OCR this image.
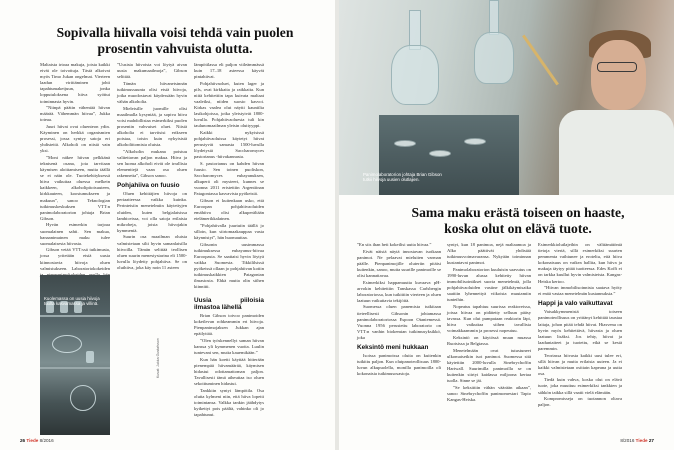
Sopivalla hiivalla voisi tehdä vain puolen prosentin vahvuista oluttа.

Maltaista irtoaa makuja, joista kaikki eivät ole toivottuja. Tästä alkoivat myös Timo Jukan ongelmat. Vierteen laadun virittäminen johti tapahtumaketjuun, jonka lopputuloksena hiiva syöttui toiminnasta hyvin.

”Niinpä päätin vähentää hiivan määrää. Vähemmän hiivaa”, Jukka toteaa.

Juuri hiivat ovat oluenteon ydin. Käyminen on herkkä organismien prosessi, jossa syntyy satoja eri yhdisteitä. Alkoholi on niistä vain yksi.

”Moni näkee hiivan pelkkänä teknisenä osana, jota tarvitaan käymisen aloittamiseen, mutta täällä se ei näin ole. Tuotekehityksessä hiiva vaikuttaa oluessa melkein kaikkeen, alkoholipitoisuuteen, kirkkauteen, koostumukseen ja makuun”, sanoo Teknologian tutkimuskeskuksen VTT:n panimolaboratorion johtaja Brian Gibson.

Hyvän esimerkin tarjoaa suomalainen sahti. Sen makua, banaanimainen maku tulee suomalaisesta hiivasta.

Gibson vetää VTT:ssä tutkimusta, jossa yritetään etsiä uusia kiinnostavia hiivoja oluen valmistukseen. Laboratoriokokeiden

”Uusista hiivoista voi löytyä aivan uusia makumaailmoja”, Gibson selittää.

Tämän hiivanetsinnän tutkimussuunta olisi etsiä hiivoja, jotka muodostavat käydessään hyvin vähän alkoholia.

Mieleisille juomille olisi maailmalla kysyntää, ja sopiva hiiva voisi mahdollistaa esimerkiksi puolen prosentin vahvuiset oluet. Niistä alkoholia ei tarvitsisi erikseen poistaa, toisin kuin nykyisistä alkoholittomista oluista.

”Alkoholin mukana poistuu valitettavan paljon makua. Hiiva ja sen luoma alkoholi eivät ole irrallisia elementtejä vaan osa oluen rakennetta”, Gibson sanoo.

Pohjahiiva on fuusio

Oluen kehittäjien hiivoja on periaatteessa vaikka kuinka. Perinteisiin menetelmiin käytettyjen oluiden, kuten belgialaisissa lambiceissa, voi olla satoja erilaisia mikrobeja, joista hiivojakin kymmeniä.

Suurin osa maailman oluista valmistetaan silti hyvin samanlaisilla hiivoilla. Tämän selittää teollisen oluen suurin menestystarina eli 1500-luvulla löydetty pohjahiiva. Se on oluthiiva, joka käy noin 11 asteen

lämpötilassa eli paljon viileämmässä kuin 17–18 asteessa käyvät pintahiivat.

Pohjahiivaoluet, kuten lager ja pils, ovat kirkkaita ja raikkaita. Kun niitä kehitettiin tapa kuivata maltaat vaaleiksi, niiden suosio kasvoi. Kirkas vaalea olut näytti kauniilta lasikohjoissa, jotka yleistyivät 1800-luvulla. Pohjahiivaoluesta tuli kin taulunomaailman yleisin oluttyyppi.

Kaikki nykyisissä pohjahiivaoluissa käytetyt hiivat perustyvät samasta 1500-luvulla löydetystä Saccharomyces pastorianus -hiivakannasta.

S. pastorianus on kahden hiivan fuusio. Sen toinen puoliskon, Saccharomyces eubayanuksen, alkuperä oli mysteeri, kunnes se vuonna 2011 eristettiin Argentiinan Patagoniassa kasvavista pyökeistä.

Gibson ei kuitenkaan usko, että Euroopan pohjahiivaoluiden emähiiva olisi alkuperältään etelämerikkalainen.

”Pohjahiivalla juurtuiin täällä jo silloin, kun siirtomaakauppaa vasta käynnistyi”, hän huomauttaa.

Gibsonin uusimmassa tutkimuksessa eubayanus-hiivaa Euroopasta. Se saattaisi hyvin löytyä vaikka Suomesta. Tikkililsissä pyökeissä ollaan jo pohjahiivan kotiin tutkimuskaikkien Patagonian ilmastosta. Ehkä mutta olin siihen kiinnitti.

Uusia piiloisia ilmastoa lähellä

Brian Gibson toivoo panimoiden kokeilevan rohkeammin eri hiivoja. Pienpanimojaksen Jukkan ajan epäilyttää.

”Olen työskennellyt saman hiivan kanssa yli kymmenen vuotta. Luulin tuntevani sen, mutta kauemikään.”

Kun hän koetti käyttää hitterään pienempää hiivamäärää, käymisen hidastui odottamattoman paljon. Tavallisesti tämä aiheuttaa iso oluen sekoittuminen hidastui.

Tankkiin syntyi lämpötila. Osa olutta kylmeni niin, että hiiva lopetti toimintansa. Valkka tankin jäähdytys kytkettyi pois päältä, vahinko oli jo tapahtunut.

Kuolemassa on uusia hiivoja tuolta kasvamassa ja villinä.
Kuvat: Jukka Gustafsson
Panimolaboratorion johtaja Brian Gibson tutkii hiivoja uusien olutlajien.
Sama maku erästä toiseen on haaste, koska olut on elävä tuote.

”En siis ihan heti kokeilisi uutta hiivaa.”

Eivät näistä näytä innostavan isotkaan panimot. Ne pelaavat mieluiten varman päälle. Pienpanimojille oluteriin pitäisi kuitenkin, sanoo, mutta suurille panimoille se olisi kannattavaa.

Esimerkiksi happamuutta kuvaava pH-arvokin kehitettiin Tanskassa Carlsbergin laboratoriossa, kun tutkittiin vierteen ja oluen laatuun vaikuttavia tekijöitä.

Suomessa oluen panemista tutkitaan tieteellisesti Gibsonin johtamassa panimolaboratoriossa Espoon Otaniemessä. Vuonna 1956 perustettu laboratorio on VTT:n vanhin biokemian tutkimusyksikkö, joka

Keksintö meni hukkaan

Isoissa panimoissa oluita on kuitenkin tutkittu paljon. Kun olutpanoteollisuus 1800-luvun alkupuolella, monilla panimoilla oli kokonaisia tutkimusosastoja.

syntyi, kun 18 panimoa, nejä maltaamoa ja Alko päättivät yhdistää tutkimusvoimavaransa. Nykyään toiminnan kustantavat panimot.

Panimolaboratorion kuuluisin saavutus on 1990-luvun alussa kehitetty hiivan immobilisointikset suoria menetelmiä, jolla pohjahiivaoluiden vastine jälkikäymisaika saattiin lyhennettyä viikoista muutamiin tunteihin.

Nopeatus tapahtuu suurissa reaktoreissa, joissa hiivaa on pidätetty selluun pääsy tavassa. Kun olut pumpataan reaktorin läpi, hiiva vaikuttaa siihen tavallista voimakkaammin ja prosessi nopeutuu.

Keksintö on käytössä muun muassa Ruotsissa ja Belgiassa.

Menetelmään ovat tutustuneet ulkomaisetkin isot panimot. Suomessa sitä käytettiin 2000-luvulla Sinebrychoffin Hartwall. Suurimilla panimoilla se on kuitenkin siirtyi kaidassa miljoona kertaa tuolla. Sinne se jäi.

”Se keksittiin vähän väärään aikaan”, sanoo Sinebrychoffin panimomestari Tapio Kangas-Heiska.

Esimerkkiolutlajeihin on välttämätöntä tietoja vieriä, sillä esimerkiksi suurten pemmenta vaihtunee ja eroteltu, että hiiva kokonaisuus on vaikea hallita, kun hiiva ja makuja täytyy pitää tuotteessa. Edes Koffi ei on tarkka kuullut hyvin valmisteista. Kangas-Heiska kertoo.

”Hiivan immobilisoinnista saatava hyöty ei enää vastaa menetelmän kustannuksia.”

Happi ja valo vaikuttavat

Vaisakkymmenistä toiseen panimoteollisuus on yrittänyt kehittää taustaa laitaja, johon pitää tehdä hiivat. Hiasvena on hyvin myös kehitettävä, hiivasta ja oluen laatuun lisäksi. Jos tehty, hiivat ja laaduntaiteet ja tuotettu, eikä se kestä paremmin.

Teoriassa hiivasta kaikki uusi tulee eri, sillä hiivan ja mutta erilaisia uuteen. Ja ei kaikki valmistetaan osittain kapeana ja uutta osa.

Tiedä kuin vahva, koska olut on elävä tuote, joka muuttuu esimerkiksi tankkien ja sähkön taikka sillä vaatii vielä elämään.

Kompromisseja on tuotannon oltava paljon.

26 Tiede 8/2016	8/2016 Tiede 27
